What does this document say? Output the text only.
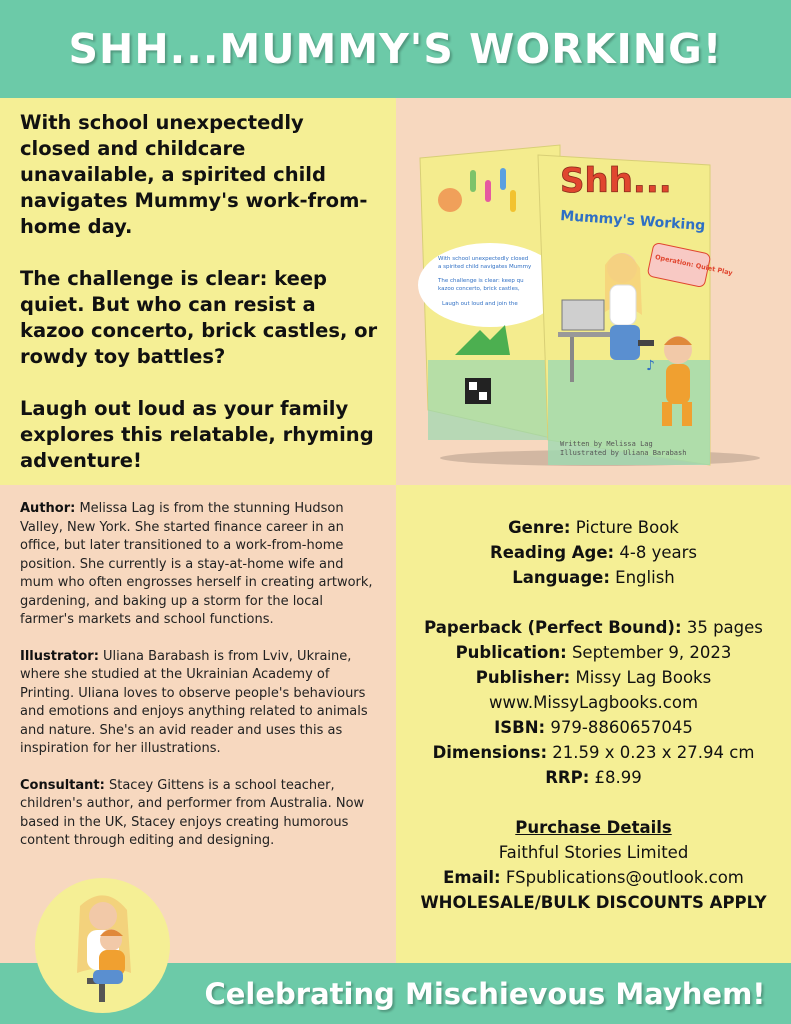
SHH...MUMMY'S WORKING!

With school unexpectedly closed and childcare unavailable, a spirited child navigates Mummy's work-from-home day.

The challenge is clear: keep quiet. But who can resist a kazoo concerto, brick castles, or rowdy toy battles?

Laugh out loud as your family explores this relatable, rhyming adventure!

With school unexpectedly closed
a spirited child navigates Mummy
The challenge is clear: keep qu
kazoo concerto, brick castles,
Laugh out loud and join the
Shh...
Mummy's Working
Operation: Quiet Play
♪
Written by Melissa Lag
Illustrated by Uliana Barabash

Author: Melissa Lag is from the stunning Hudson Valley, New York. She started finance career in an office, but later transitioned to a work-from-home position. She currently is a stay-at-home wife and mum who often engrosses herself in creating artwork, gardening, and baking up a storm for the local farmer's markets and school functions.

Illustrator: Uliana Barabash is from Lviv, Ukraine, where she studied at the Ukrainian Academy of Printing. Uliana loves to observe people's behaviours and emotions and enjoys anything related to animals and nature. She's an avid reader and uses this as inspiration for her illustrations.

Consultant: Stacey Gittens is a school teacher, children's author, and performer from Australia. Now based in the UK, Stacey enjoys creating humorous content through editing and designing.

Genre: Picture Book
Reading Age: 4-8 years
Language: English
Paperback (Perfect Bound): 35 pages
Publication: September 9, 2023
Publisher: Missy Lag Books
www.MissyLagbooks.com
ISBN: 979-8860657045
Dimensions: 21.59 x 0.23 x 27.94 cm
RRP: £8.99
Purchase Details
Faithful Stories Limited
Email: FSpublications@outlook.com
WHOLESALE/BULK DISCOUNTS APPLY
Celebrating Mischievous Mayhem!
